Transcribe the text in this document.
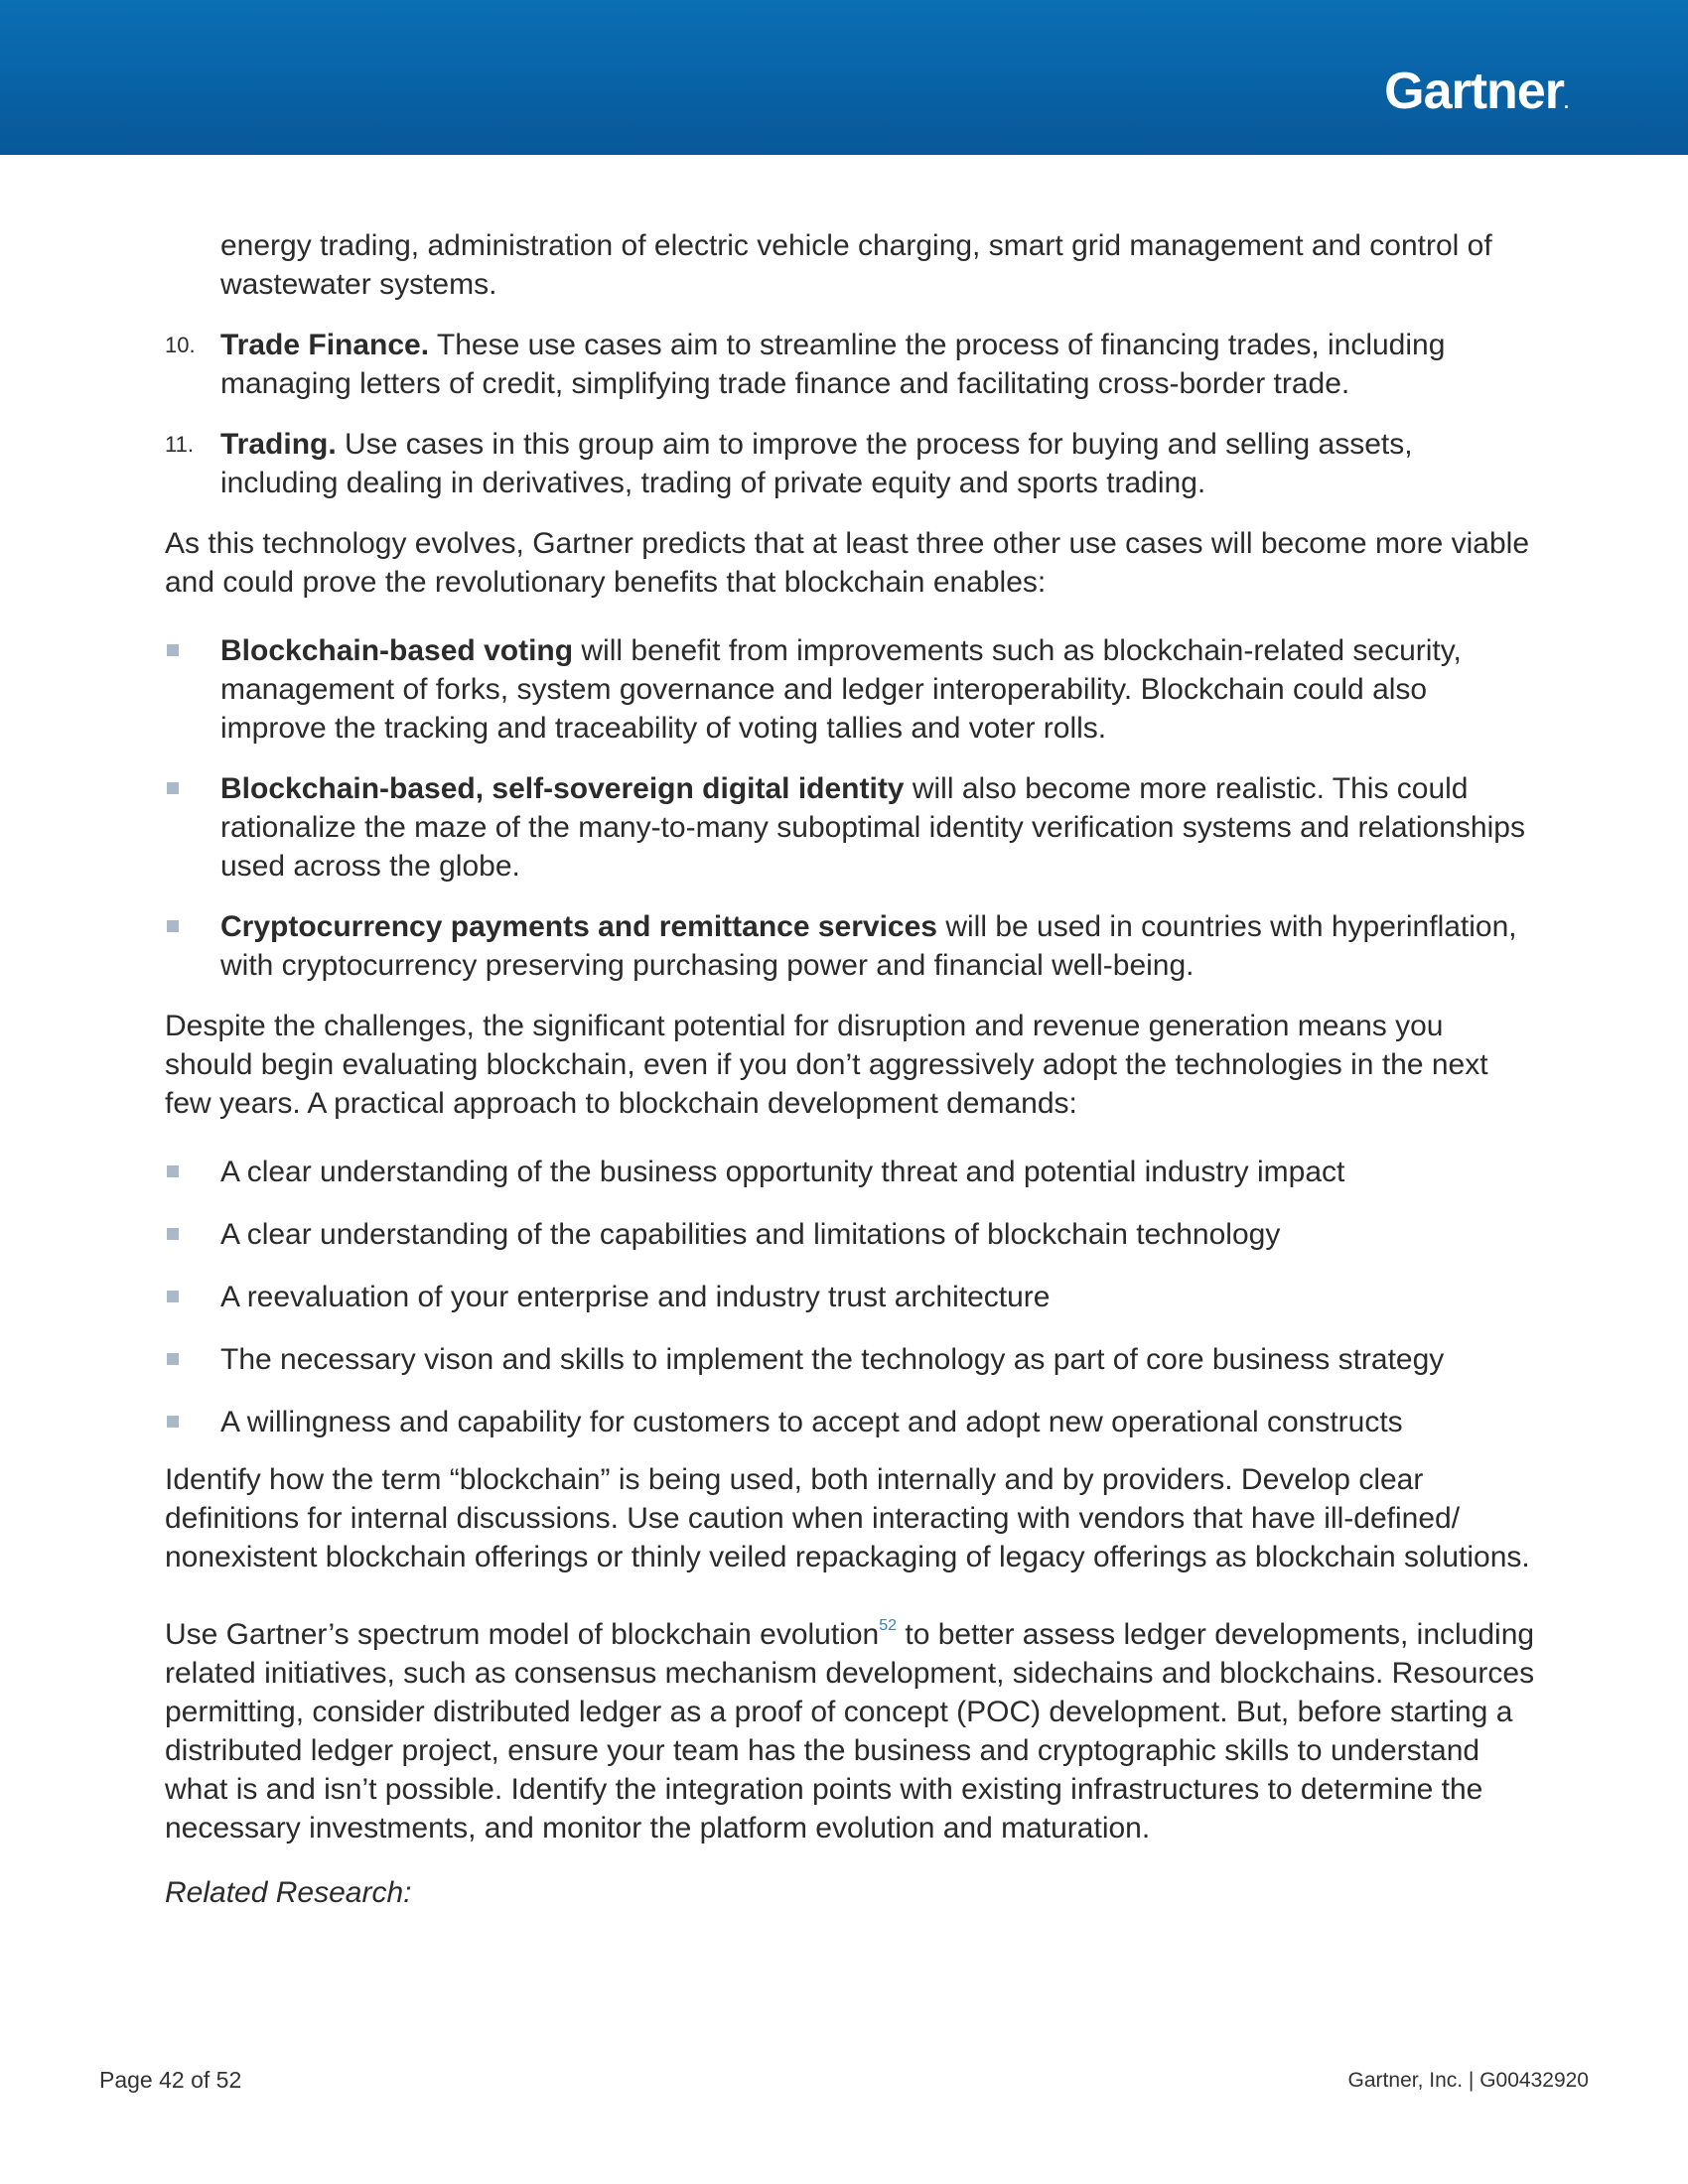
Gartner.

energy trading, administration of electric vehicle charging, smart grid management and control of wastewater systems.

10. Trade Finance. These use cases aim to streamline the process of financing trades, including managing letters of credit, simplifying trade finance and facilitating cross-border trade.
11. Trading. Use cases in this group aim to improve the process for buying and selling assets, including dealing in derivatives, trading of private equity and sports trading.

As this technology evolves, Gartner predicts that at least three other use cases will become more viable and could prove the revolutionary benefits that blockchain enables:

Blockchain-based voting will benefit from improvements such as blockchain-related security, management of forks, system governance and ledger interoperability. Blockchain could also improve the tracking and traceability of voting tallies and voter rolls.
Blockchain-based, self-sovereign digital identity will also become more realistic. This could rationalize the maze of the many-to-many suboptimal identity verification systems and relationships used across the globe.
Cryptocurrency payments and remittance services will be used in countries with hyperinflation, with cryptocurrency preserving purchasing power and financial well-being.

Despite the challenges, the significant potential for disruption and revenue generation means you should begin evaluating blockchain, even if you don’t aggressively adopt the technologies in the next few years. A practical approach to blockchain development demands:

A clear understanding of the business opportunity threat and potential industry impact
A clear understanding of the capabilities and limitations of blockchain technology
A reevaluation of your enterprise and industry trust architecture
The necessary vison and skills to implement the technology as part of core business strategy
A willingness and capability for customers to accept and adopt new operational constructs

Identify how the term “blockchain” is being used, both internally and by providers. Develop clear definitions for internal discussions. Use caution when interacting with vendors that have ill-defined/ nonexistent blockchain offerings or thinly veiled repackaging of legacy offerings as blockchain solutions.

Use Gartner’s spectrum model of blockchain evolution$^{52}$ to better assess ledger developments, including related initiatives, such as consensus mechanism development, sidechains and blockchains. Resources permitting, consider distributed ledger as a proof of concept (POC) development. But, before starting a distributed ledger project, ensure your team has the business and cryptographic skills to understand what is and isn’t possible. Identify the integration points with existing infrastructures to determine the necessary investments, and monitor the platform evolution and maturation.

Related Research:

Page 42 of 52	Gartner, Inc. | G00432920
